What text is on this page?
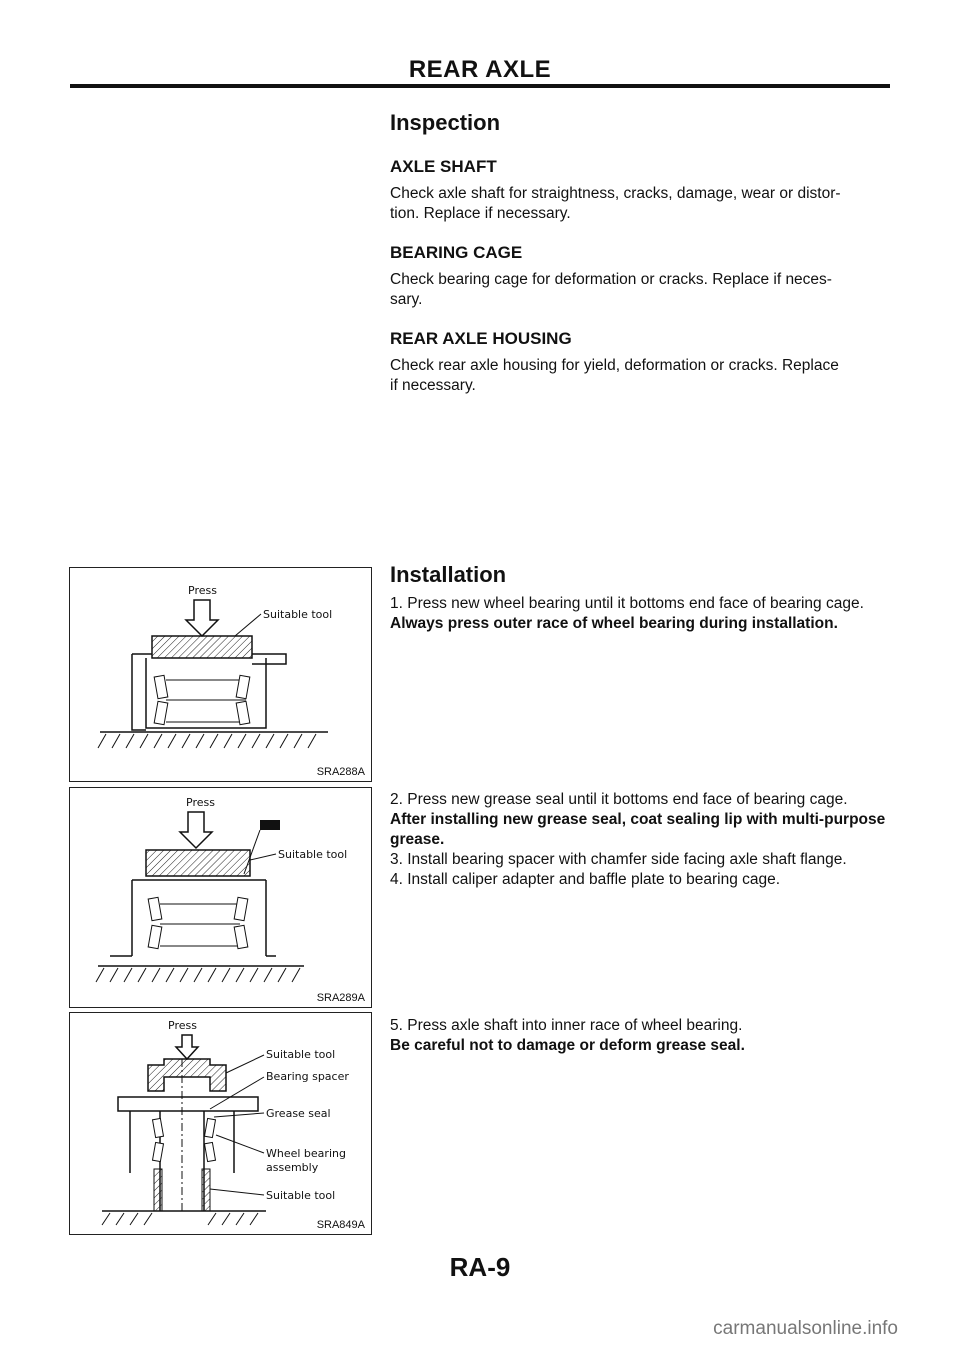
REAR AXLE
Inspection
AXLE SHAFT

Check axle shaft for straightness, cracks, damage, wear or distor-

tion. Replace if necessary.

BEARING CAGE

Check bearing cage for deformation or cracks. Replace if neces-

sary.

REAR AXLE HOUSING

Check rear axle housing for yield, deformation or cracks. Replace

if necessary.

Installation

1. Press new wheel bearing until it bottoms end face of bearing cage.

Always press outer race of wheel bearing during installation.

2. Press new grease seal until it bottoms end face of bearing cage.

After installing new grease seal, coat sealing lip with multi-purpose grease.

3. Install bearing spacer with chamfer side facing axle shaft flange.

4. Install caliper adapter and baffle plate to bearing cage.

5. Press axle shaft into inner race of wheel bearing.

Be careful not to damage or deform grease seal.

Press
Suitable tool
SRA288A
Press
Suitable tool
SRA289A
Press
Suitable tool
Bearing spacer
Grease seal
Wheel bearing
assembly
Suitable tool
SRA849A
RA-9
carmanualsonline.info
